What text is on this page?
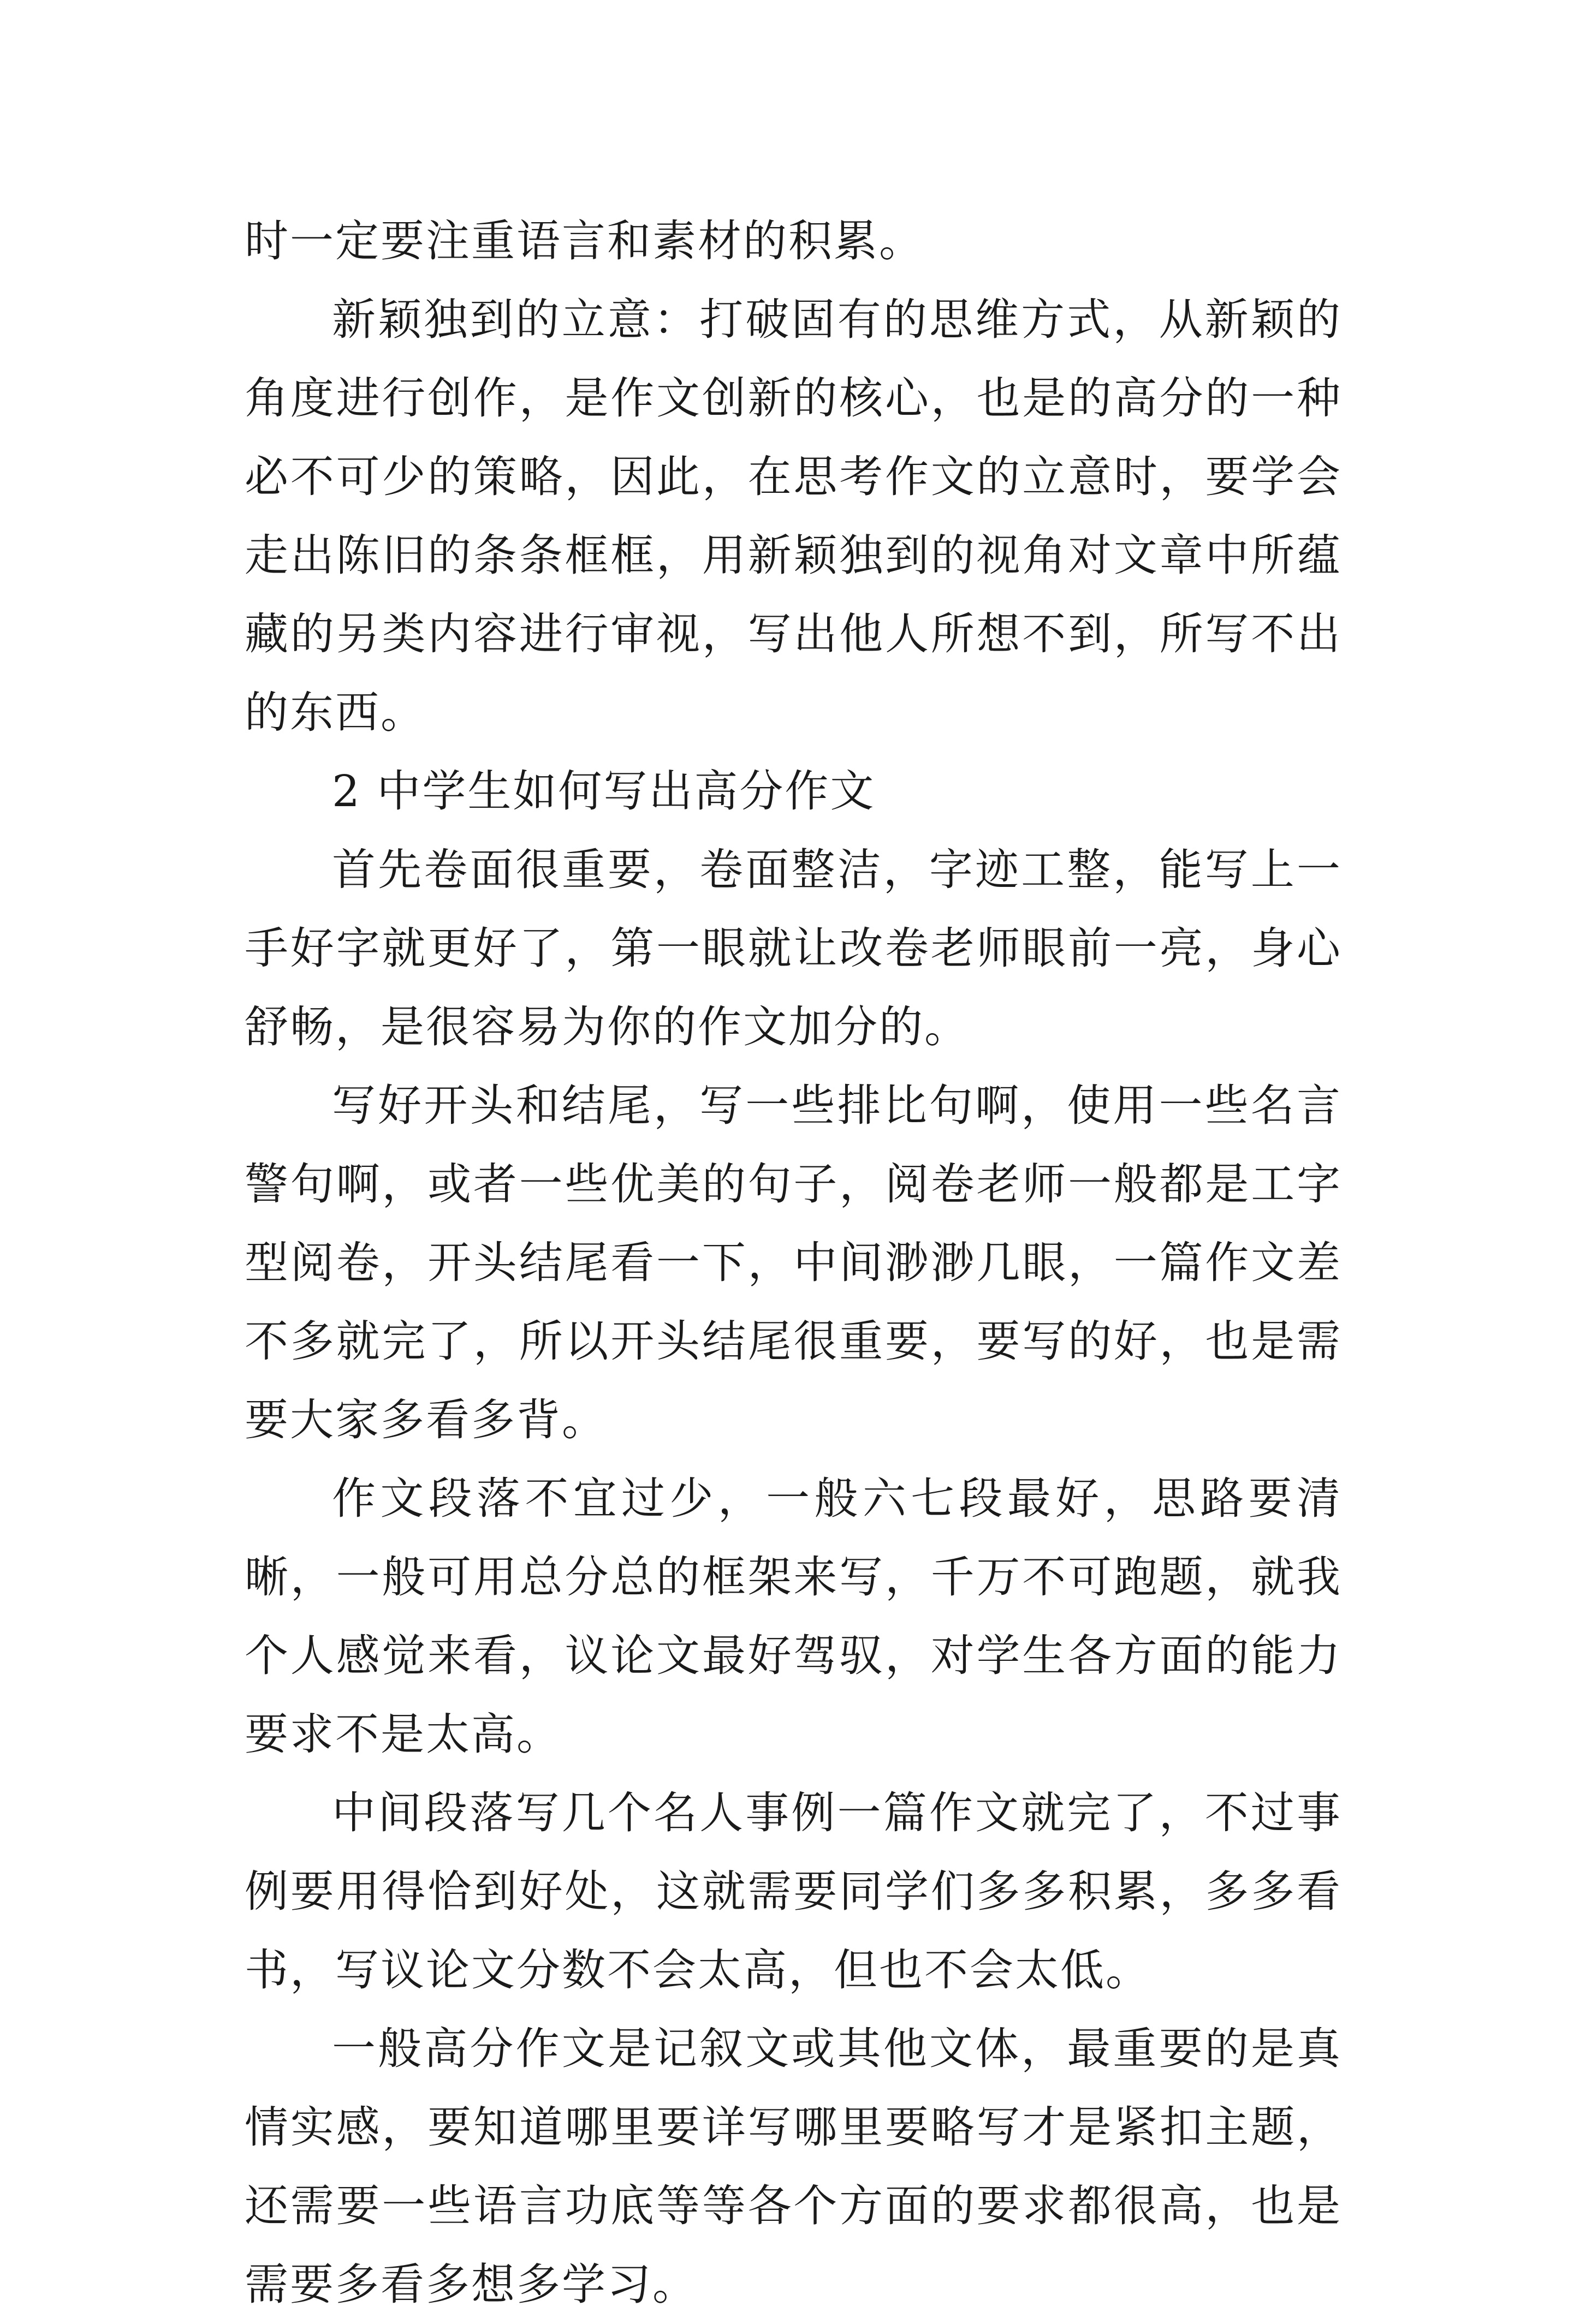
时一定要注重语言和素材的积累。

新颖独到的立意：打破固有的思维方式，从新颖的角度进行创作，是作文创新的核心，也是的高分的一种必不可少的策略，因此，在思考作文的立意时，要学会走出陈旧的条条框框，用新颖独到的视角对文章中所蕴藏的另类内容进行审视，写出他人所想不到，所写不出的东西。

2 中学生如何写出高分作文

首先卷面很重要，卷面整洁，字迹工整，能写上一手好字就更好了，第一眼就让改卷老师眼前一亮，身心舒畅，是很容易为你的作文加分的。

写好开头和结尾，写一些排比句啊，使用一些名言警句啊，或者一些优美的句子，阅卷老师一般都是工字型阅卷，开头结尾看一下，中间渺渺几眼，一篇作文差不多就完了，所以开头结尾很重要，要写的好，也是需要大家多看多背。

作文段落不宜过少，一般六七段最好，思路要清晰，一般可用总分总的框架来写，千万不可跑题，就我个人感觉来看，议论文最好驾驭，对学生各方面的能力要求不是太高。

中间段落写几个名人事例一篇作文就完了，不过事例要用得恰到好处，这就需要同学们多多积累，多多看书，写议论文分数不会太高，但也不会太低。

一般高分作文是记叙文或其他文体，最重要的是真情实感，要知道哪里要详写哪里要略写才是紧扣主题，还需要一些语言功底等等各个方面的要求都很高，也是需要多看多想多学习。
